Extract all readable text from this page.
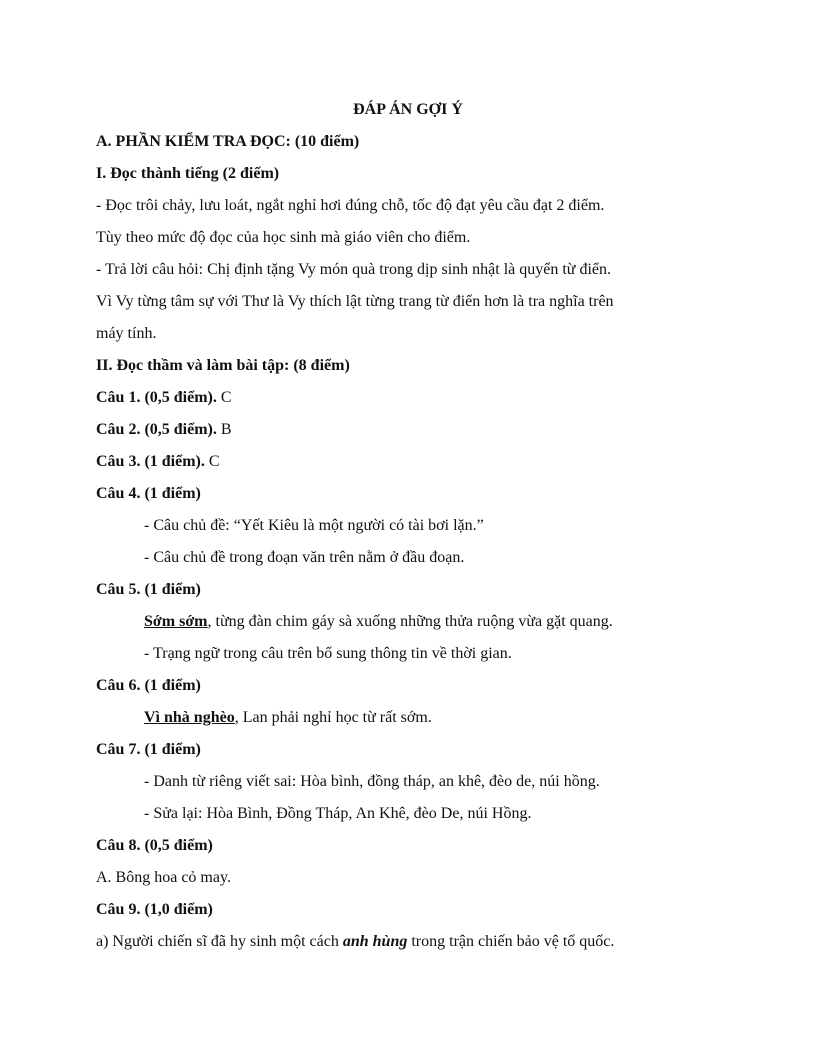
ĐÁP ÁN GỢI Ý
A. PHẦN KIỂM TRA ĐỌC: (10 điểm)
I. Đọc thành tiếng (2 điểm)
- Đọc trôi chảy, lưu loát, ngắt nghỉ hơi đúng chỗ, tốc độ đạt yêu cầu đạt 2 điểm.
Tùy theo mức độ đọc của học sinh mà giáo viên cho điểm.
- Trả lời câu hỏi: Chị định tặng Vy món quà trong dịp sinh nhật là quyển từ điển.
Vì Vy từng tâm sự với Thư là Vy thích lật từng trang từ điển hơn là tra nghĩa trên
máy tính.
II. Đọc thầm và làm bài tập: (8 điểm)
Câu 1. (0,5 điểm). C
Câu 2. (0,5 điểm). B
Câu 3. (1 điểm). C
Câu 4. (1 điểm)
- Câu chủ đề: “Yết Kiêu là một người có tài bơi lặn.”
- Câu chủ đề trong đoạn văn trên nằm ở đầu đoạn.
Câu 5. (1 điểm)
Sớm sớm, từng đàn chim gáy sà xuống những thửa ruộng vừa gặt quang.
- Trạng ngữ trong câu trên bổ sung thông tin về thời gian.
Câu 6. (1 điểm)
Vì nhà nghèo, Lan phải nghỉ học từ rất sớm.
Câu 7. (1 điểm)
- Danh từ riêng viết sai: Hòa bình, đồng tháp, an khê, đèo de, núi hồng.
- Sửa lại: Hòa Bình, Đồng Tháp, An Khê, đèo De, núi Hồng.
Câu 8. (0,5 điểm)
A. Bông hoa cỏ may.
Câu 9. (1,0 điểm)
a) Người chiến sĩ đã hy sinh một cách anh hùng trong trận chiến bảo vệ tổ quốc.
